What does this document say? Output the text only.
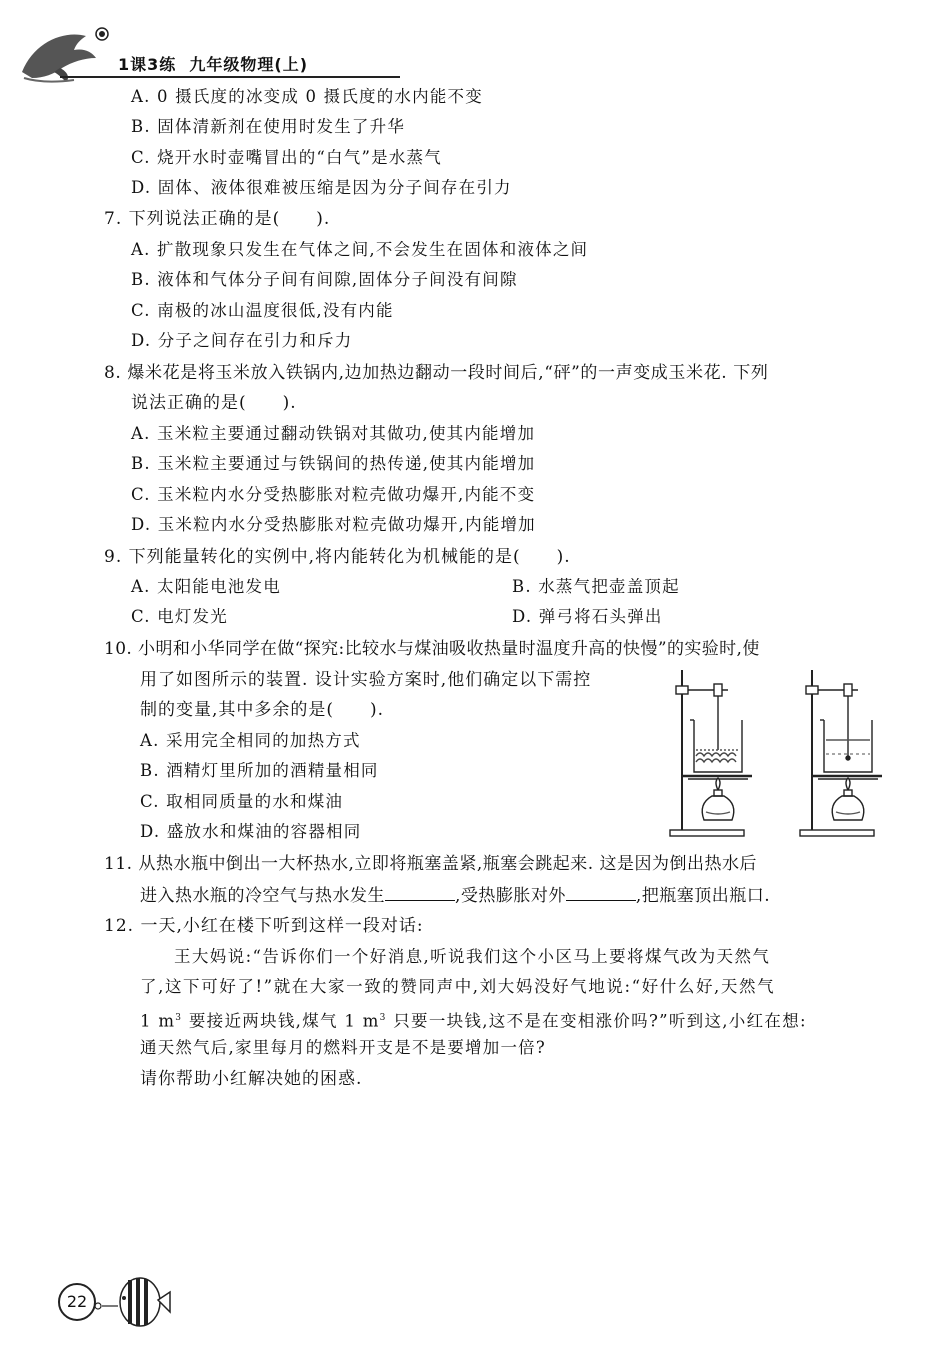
1课3练 九年级物理(上)
A. 0 摄氏度的冰变成 0 摄氏度的水内能不变
B. 固体清新剂在使用时发生了升华
C. 烧开水时壶嘴冒出的“白气”是水蒸气
D. 固体、液体很难被压缩是因为分子间存在引力
7. 下列说法正确的是(　　).
A. 扩散现象只发生在气体之间,不会发生在固体和液体之间
B. 液体和气体分子间有间隙,固体分子间没有间隙
C. 南极的冰山温度很低,没有内能
D. 分子之间存在引力和斥力
8. 爆米花是将玉米放入铁锅内,边加热边翻动一段时间后,“砰”的一声变成玉米花. 下列
说法正确的是(　　).
A. 玉米粒主要通过翻动铁锅对其做功,使其内能增加
B. 玉米粒主要通过与铁锅间的热传递,使其内能增加
C. 玉米粒内水分受热膨胀对粒壳做功爆开,内能不变
D. 玉米粒内水分受热膨胀对粒壳做功爆开,内能增加
9. 下列能量转化的实例中,将内能转化为机械能的是(　　).
A. 太阳能电池发电	B. 水蒸气把壶盖顶起
C. 电灯发光	D. 弹弓将石头弹出
10. 小明和小华同学在做“探究:比较水与煤油吸收热量时温度升高的快慢”的实验时,使
用了如图所示的装置. 设计实验方案时,他们确定以下需控
制的变量,其中多余的是(　　).
A. 采用完全相同的加热方式
B. 酒精灯里所加的酒精量相同
C. 取相同质量的水和煤油
D. 盛放水和煤油的容器相同
11. 从热水瓶中倒出一大杯热水,立即将瓶塞盖紧,瓶塞会跳起来. 这是因为倒出热水后
进入热水瓶的冷空气与热水发生	,受热膨胀对外	,把瓶塞顶出瓶口.
12. 一天,小红在楼下听到这样一段对话:
王大妈说:“告诉你们一个好消息,听说我们这个小区马上要将煤气改为天然气
了,这下可好了!”就在大家一致的赞同声中,刘大妈没好气地说:“好什么好,天然气
1 $m^3$ 要接近两块钱,煤气 1 $m^3$ 只要一块钱,这不是在变相涨价吗?”听到这,小红在想:
通天然气后,家里每月的燃料开支是不是要增加一倍?
请你帮助小红解决她的困惑.
22
